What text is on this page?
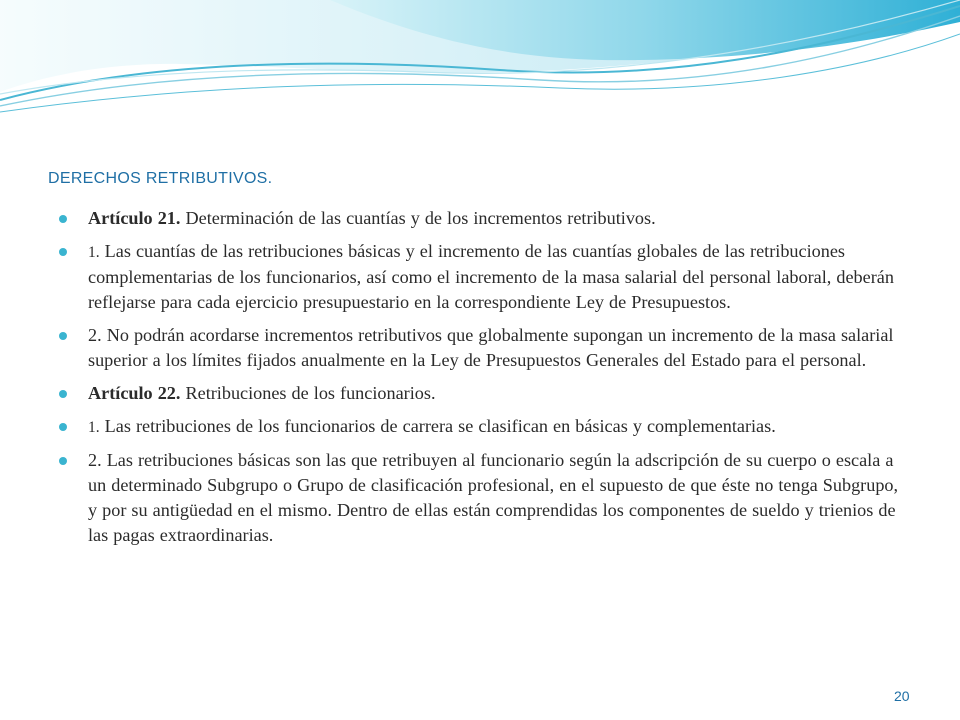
DERECHOS RETRIBUTIVOS.
Artículo 21. Determinación de las cuantías y de los incrementos retributivos.
1. Las cuantías de las retribuciones básicas y el incremento de las cuantías globales de las retribuciones complementarias de los funcionarios, así como el incremento de la masa salarial del personal laboral, deberán reflejarse para cada ejercicio presupuestario en la correspondiente Ley de Presupuestos.
2. No podrán acordarse incrementos retributivos que globalmente supongan un incremento de la masa salarial superior a los límites fijados anualmente en la Ley de Presupuestos Generales del Estado para el personal.
Artículo 22. Retribuciones de los funcionarios.
1. Las retribuciones de los funcionarios de carrera se clasifican en básicas y complementarias.
2. Las retribuciones básicas son las que retribuyen al funcionario según la adscripción de su cuerpo o escala a un determinado Subgrupo o Grupo de clasificación profesional, en el supuesto de que éste no tenga Subgrupo, y por su antigüedad en el mismo. Dentro de ellas están comprendidas los componentes de sueldo y trienios de las pagas extraordinarias.
20
